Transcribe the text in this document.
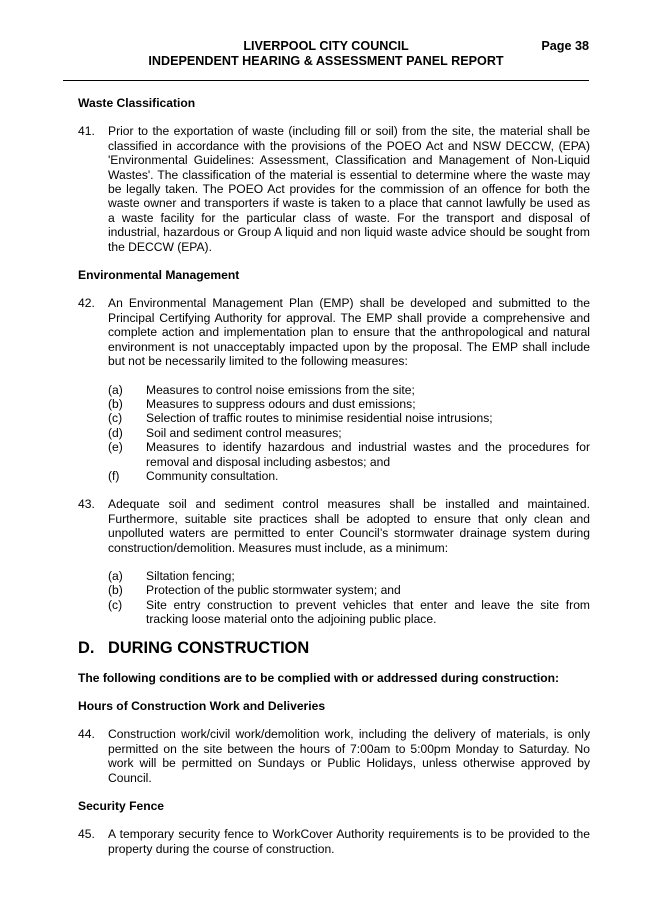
LIVERPOOL CITY COUNCIL	Page 38
INDEPENDENT HEARING & ASSESSMENT PANEL REPORT

Waste Classification

41. Prior to the exportation of waste (including fill or soil) from the site, the material shall be classified in accordance with the provisions of the POEO Act and NSW DECCW, (EPA) 'Environmental Guidelines: Assessment, Classification and Management of Non-Liquid Wastes'. The classification of the material is essential to determine where the waste may be legally taken. The POEO Act provides for the commission of an offence for both the waste owner and transporters if waste is taken to a place that cannot lawfully be used as a waste facility for the particular class of waste. For the transport and disposal of industrial, hazardous or Group A liquid and non liquid waste advice should be sought from the DECCW (EPA).

Environmental Management

42. An Environmental Management Plan (EMP) shall be developed and submitted to the Principal Certifying Authority for approval. The EMP shall provide a comprehensive and complete action and implementation plan to ensure that the anthropological and natural environment is not unacceptably impacted upon by the proposal. The EMP shall include but not be necessarily limited to the following measures:
(a) Measures to control noise emissions from the site;
(b) Measures to suppress odours and dust emissions;
(c) Selection of traffic routes to minimise residential noise intrusions;
(d) Soil and sediment control measures;
(e) Measures to identify hazardous and industrial wastes and the procedures for removal and disposal including asbestos; and
(f) Community consultation.
43. Adequate soil and sediment control measures shall be installed and maintained. Furthermore, suitable site practices shall be adopted to ensure that only clean and unpolluted waters are permitted to enter Council’s stormwater drainage system during construction/demolition. Measures must include, as a minimum:
(a) Siltation fencing;
(b) Protection of the public stormwater system; and
(c) Site entry construction to prevent vehicles that enter and leave the site from tracking loose material onto the adjoining public place.

D. DURING CONSTRUCTION

The following conditions are to be complied with or addressed during construction:

Hours of Construction Work and Deliveries

44. Construction work/civil work/demolition work, including the delivery of materials, is only permitted on the site between the hours of 7:00am to 5:00pm Monday to Saturday. No work will be permitted on Sundays or Public Holidays, unless otherwise approved by Council.

Security Fence

45. A temporary security fence to WorkCover Authority requirements is to be provided to the property during the course of construction.
